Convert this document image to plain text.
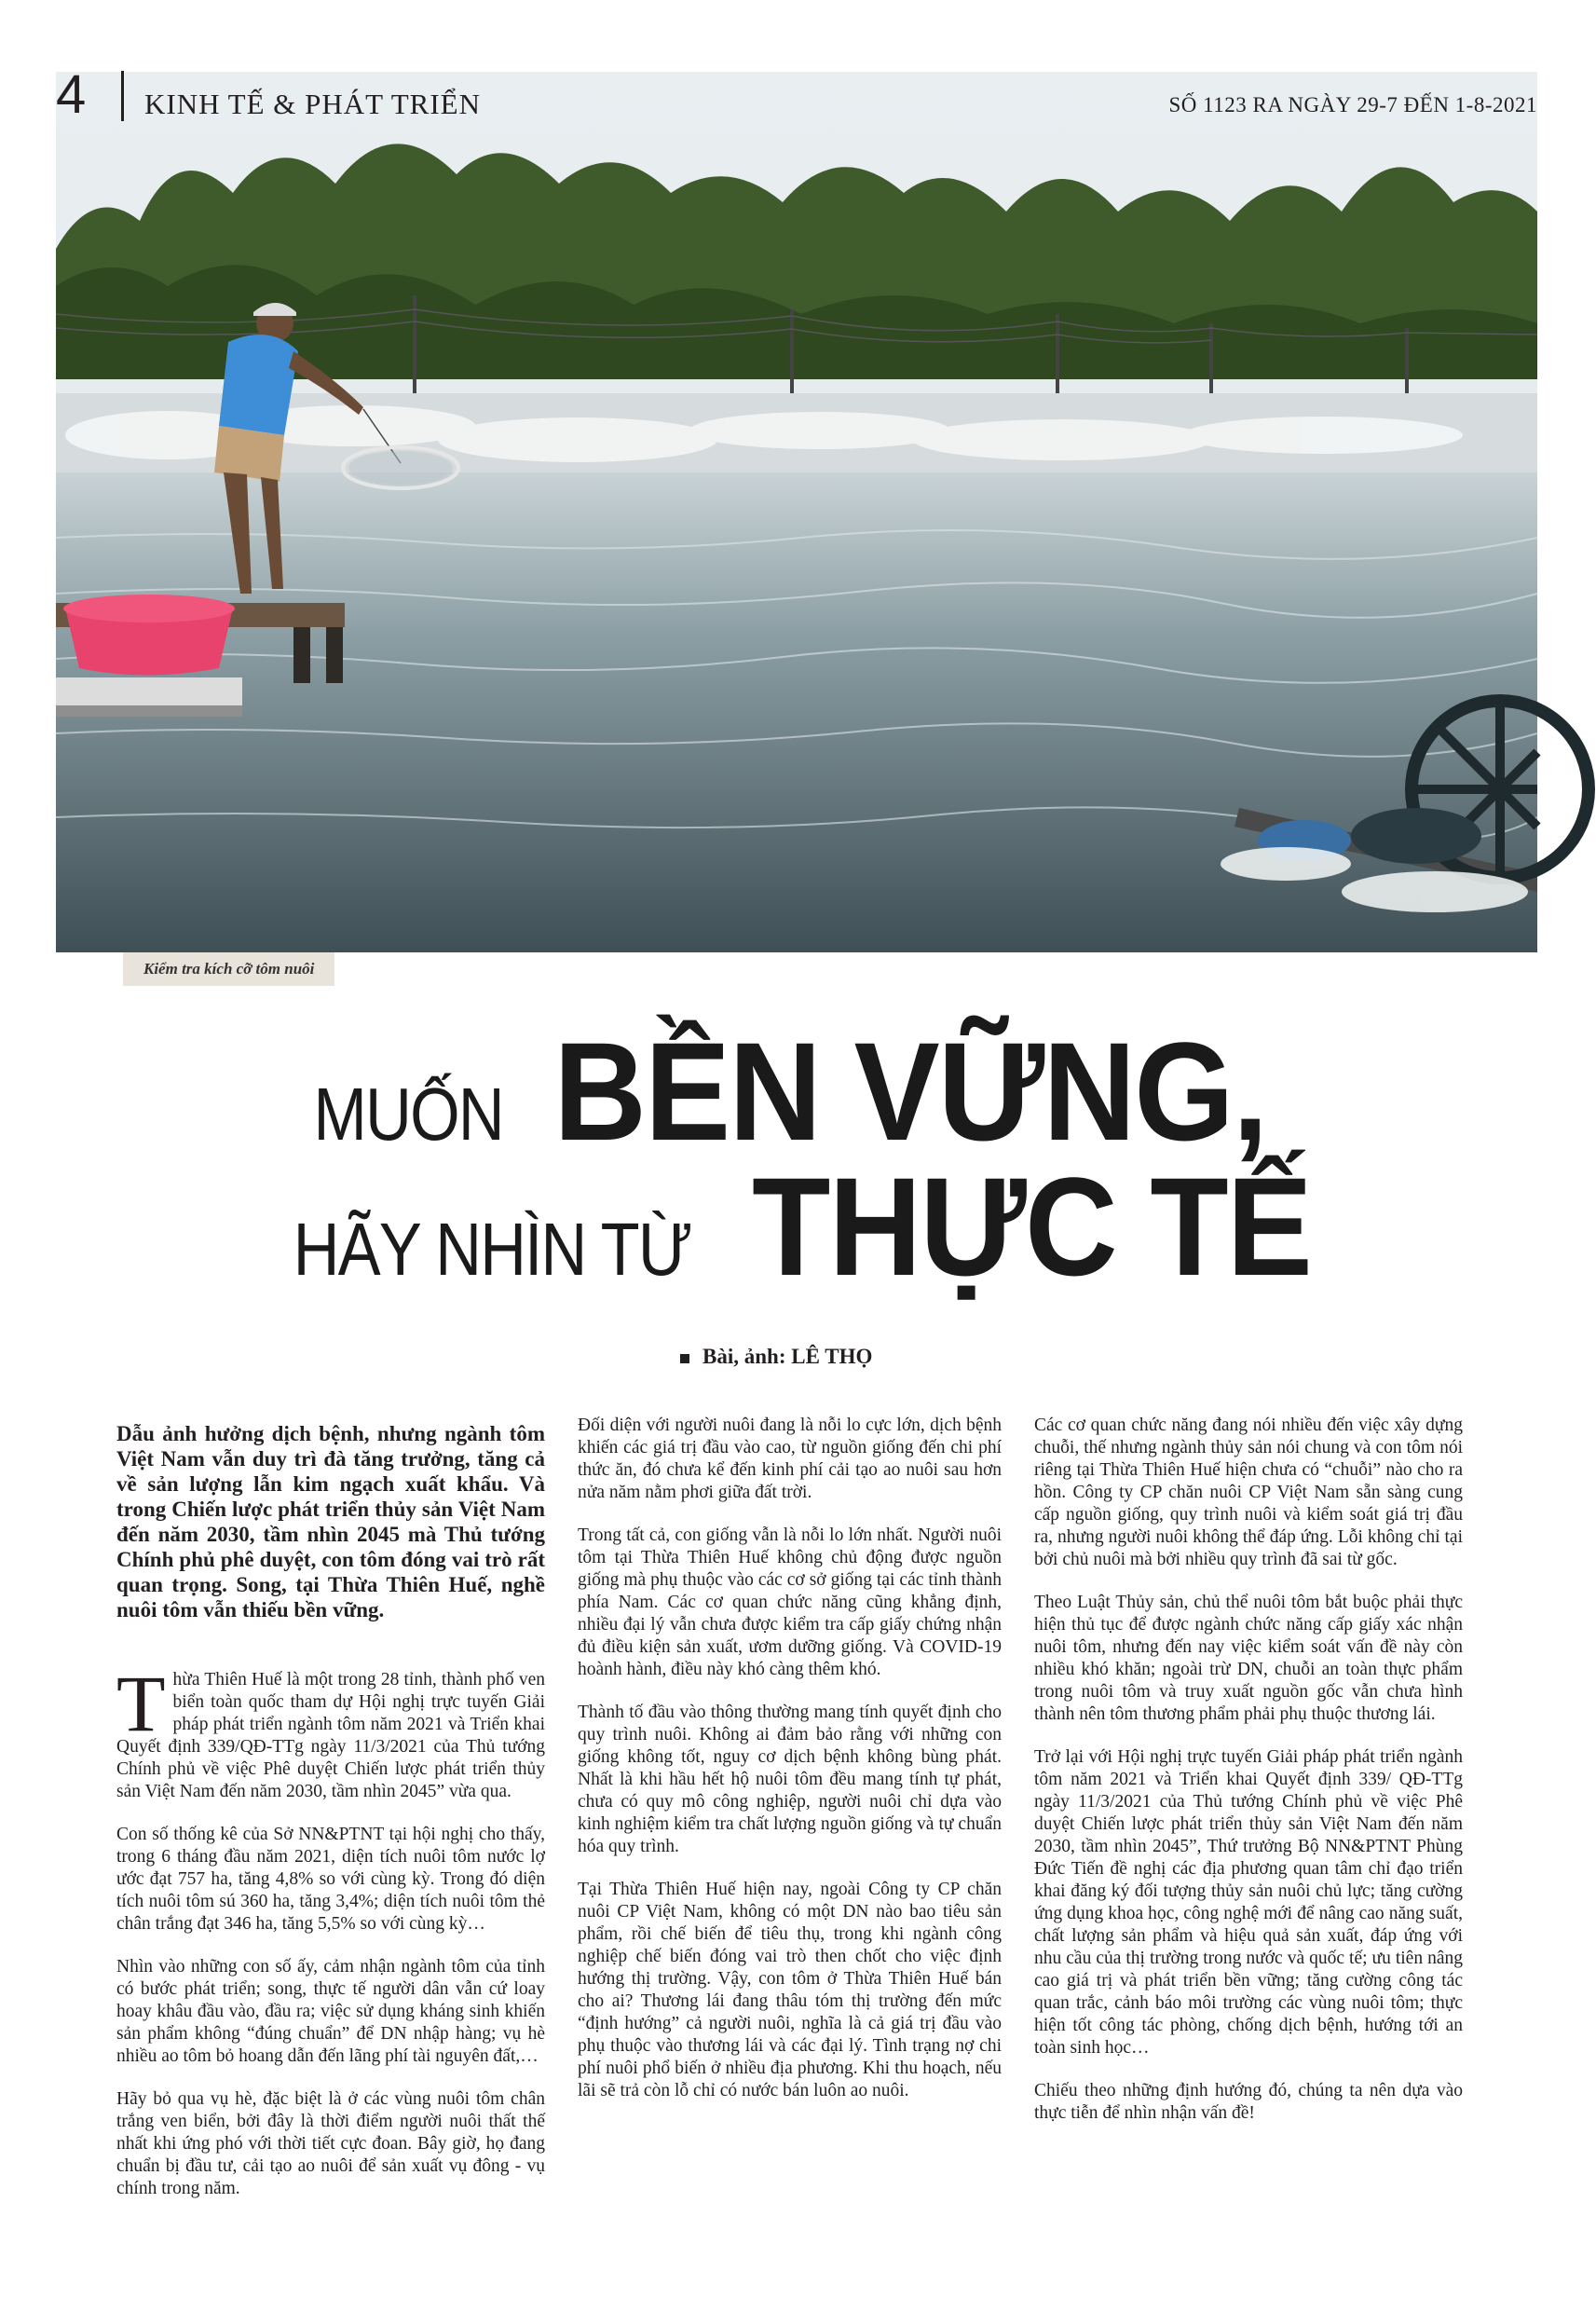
Kiểm tra kích cỡ tôm nuôi
4 KINH TẾ & PHÁT TRIỂN	SỐ 1123 RA NGÀY 29-7 ĐẾN 1-8-2021
MUỐN BỀN VỮNG,
HÃY NHÌN TỪ THỰC TẾ
Bài, ảnh: LÊ THỌ

Dẫu ảnh hưởng dịch bệnh, nhưng ngành tôm Việt Nam vẫn duy trì đà tăng trưởng, tăng cả về sản lượng lẫn kim ngạch xuất khẩu. Và trong Chiến lược phát triển thủy sản Việt Nam đến năm 2030, tầm nhìn 2045 mà Thủ tướng Chính phủ phê duyệt, con tôm đóng vai trò rất quan trọng. Song, tại Thừa Thiên Huế, nghề nuôi tôm vẫn thiếu bền vững.

Thừa Thiên Huế là một trong 28 tỉnh, thành phố ven biển toàn quốc tham dự Hội nghị trực tuyến Giải pháp phát triển ngành tôm năm 2021 và Triển khai Quyết định 339/QĐ-TTg ngày 11/3/2021 của Thủ tướng Chính phủ về việc Phê duyệt Chiến lược phát triển thủy sản Việt Nam đến năm 2030, tầm nhìn 2045” vừa qua.

Con số thống kê của Sở NN&PTNT tại hội nghị cho thấy, trong 6 tháng đầu năm 2021, diện tích nuôi tôm nước lợ ước đạt 757 ha, tăng 4,8% so với cùng kỳ. Trong đó diện tích nuôi tôm sú 360 ha, tăng 3,4%; diện tích nuôi tôm thẻ chân trắng đạt 346 ha, tăng 5,5% so với cùng kỳ…

Nhìn vào những con số ấy, cảm nhận ngành tôm của tỉnh có bước phát triển; song, thực tế người dân vẫn cứ loay hoay khâu đầu vào, đầu ra; việc sử dụng kháng sinh khiến sản phẩm không “đúng chuẩn” để DN nhập hàng; vụ hè nhiều ao tôm bỏ hoang dẫn đến lãng phí tài nguyên đất,…

Hãy bỏ qua vụ hè, đặc biệt là ở các vùng nuôi tôm chân trắng ven biển, bởi đây là thời điểm người nuôi thất thế nhất khi ứng phó với thời tiết cực đoan. Bây giờ, họ đang chuẩn bị đầu tư, cải tạo ao nuôi để sản xuất vụ đông - vụ chính trong năm.

Đối diện với người nuôi đang là nỗi lo cực lớn, dịch bệnh khiến các giá trị đầu vào cao, từ nguồn giống đến chi phí thức ăn, đó chưa kể đến kinh phí cải tạo ao nuôi sau hơn nửa năm nằm phơi giữa đất trời.

Trong tất cả, con giống vẫn là nỗi lo lớn nhất. Người nuôi tôm tại Thừa Thiên Huế không chủ động được nguồn giống mà phụ thuộc vào các cơ sở giống tại các tỉnh thành phía Nam. Các cơ quan chức năng cũng khẳng định, nhiều đại lý vẫn chưa được kiểm tra cấp giấy chứng nhận đủ điều kiện sản xuất, ươm dưỡng giống. Và COVID-19 hoành hành, điều này khó càng thêm khó.

Thành tố đầu vào thông thường mang tính quyết định cho quy trình nuôi. Không ai đảm bảo rằng với những con giống không tốt, nguy cơ dịch bệnh không bùng phát. Nhất là khi hầu hết hộ nuôi tôm đều mang tính tự phát, chưa có quy mô công nghiệp, người nuôi chỉ dựa vào kinh nghiệm kiểm tra chất lượng nguồn giống và tự chuẩn hóa quy trình.

Tại Thừa Thiên Huế hiện nay, ngoài Công ty CP chăn nuôi CP Việt Nam, không có một DN nào bao tiêu sản phẩm, rồi chế biến để tiêu thụ, trong khi ngành công nghiệp chế biến đóng vai trò then chốt cho việc định hướng thị trường. Vậy, con tôm ở Thừa Thiên Huế bán cho ai? Thương lái đang thâu tóm thị trường đến mức “định hướng” cả người nuôi, nghĩa là cả giá trị đầu vào phụ thuộc vào thương lái và các đại lý. Tình trạng nợ chi phí nuôi phổ biến ở nhiều địa phương. Khi thu hoạch, nếu lãi sẽ trả còn lỗ chỉ có nước bán luôn ao nuôi.

Các cơ quan chức năng đang nói nhiều đến việc xây dựng chuỗi, thế nhưng ngành thủy sản nói chung và con tôm nói riêng tại Thừa Thiên Huế hiện chưa có “chuỗi” nào cho ra hồn. Công ty CP chăn nuôi CP Việt Nam sẵn sàng cung cấp nguồn giống, quy trình nuôi và kiểm soát giá trị đầu ra, nhưng người nuôi không thể đáp ứng. Lỗi không chỉ tại bởi chủ nuôi mà bởi nhiều quy trình đã sai từ gốc.

Theo Luật Thủy sản, chủ thể nuôi tôm bắt buộc phải thực hiện thủ tục để được ngành chức năng cấp giấy xác nhận nuôi tôm, nhưng đến nay việc kiểm soát vấn đề này còn nhiều khó khăn; ngoài trừ DN, chuỗi an toàn thực phẩm trong nuôi tôm và truy xuất nguồn gốc vẫn chưa hình thành nên tôm thương phẩm phải phụ thuộc thương lái.

Trở lại với Hội nghị trực tuyến Giải pháp phát triển ngành tôm năm 2021 và Triển khai Quyết định 339/ QĐ-TTg ngày 11/3/2021 của Thủ tướng Chính phủ về việc Phê duyệt Chiến lược phát triển thủy sản Việt Nam đến năm 2030, tầm nhìn 2045”, Thứ trưởng Bộ NN&PTNT Phùng Đức Tiến đề nghị các địa phương quan tâm chỉ đạo triển khai đăng ký đối tượng thủy sản nuôi chủ lực; tăng cường ứng dụng khoa học, công nghệ mới để nâng cao năng suất, chất lượng sản phẩm và hiệu quả sản xuất, đáp ứng với nhu cầu của thị trường trong nước và quốc tế; ưu tiên nâng cao giá trị và phát triển bền vững; tăng cường công tác quan trắc, cảnh báo môi trường các vùng nuôi tôm; thực hiện tốt công tác phòng, chống dịch bệnh, hướng tới an toàn sinh học…

Chiếu theo những định hướng đó, chúng ta nên dựa vào thực tiễn để nhìn nhận vấn đề!
